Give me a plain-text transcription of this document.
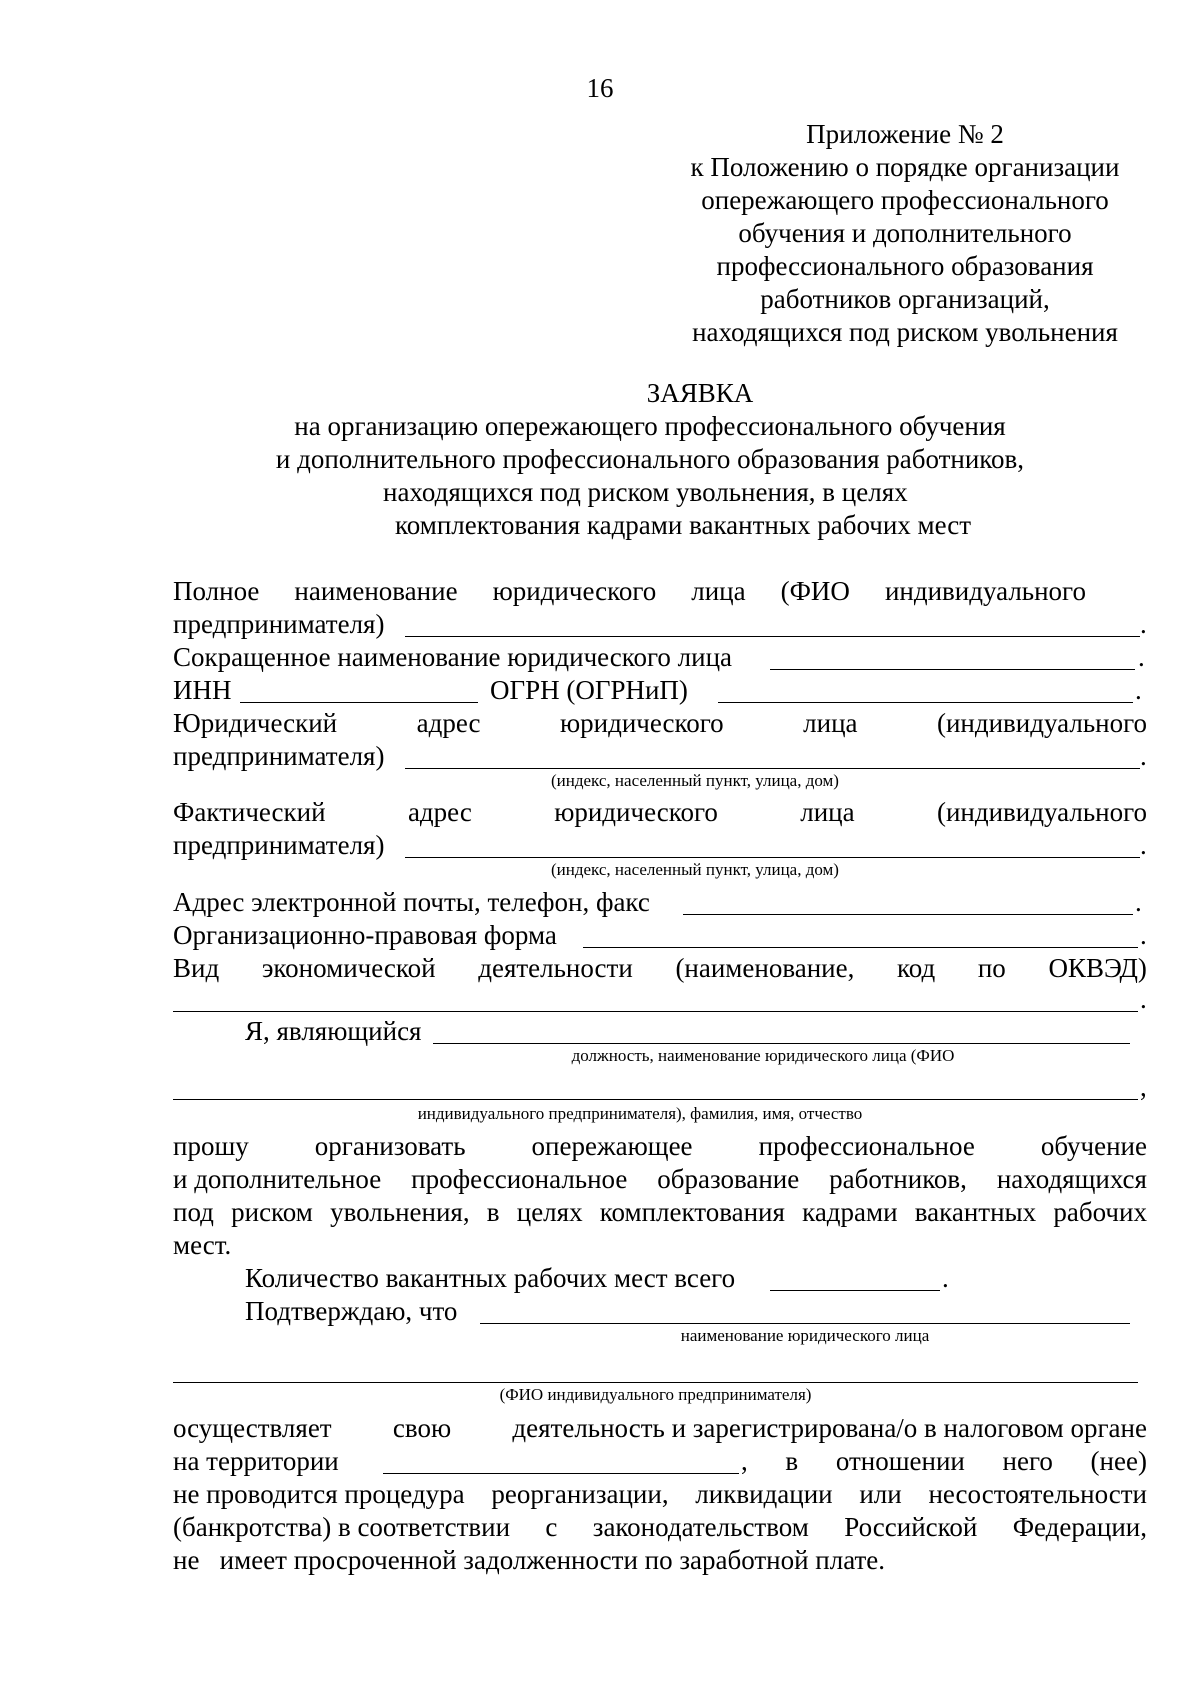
16
Приложение № 2
к Положению о порядке организации
опережающего профессионального
обучения и дополнительного
профессионального образования
работников организаций,
находящихся под риском увольнения
ЗАЯВКА
на организацию опережающего профессионального обучения
и дополнительного профессионального образования работников,
находящихся под риском увольнения, в целях
комплектования кадрами вакантных рабочих мест
Полное наименование юридического лица (ФИО индивидуального
предпринимателя)	.
Сокращенное наименование юридического лица	.
ИНН	ОГРН (ОГРНиП)	.
Юридический	адрес	юридического	лица	(индивидуального
предпринимателя)	.
(индекс, населенный пункт, улица, дом)
Фактический	адрес	юридического	лица	(индивидуального
предпринимателя)	.
(индекс, населенный пункт, улица, дом)
Адрес электронной почты, телефон, факс	.
Организационно-правовая форма	.
Вид экономической деятельности (наименование, код по ОКВЭД)
.
Я, являющийся
должность, наименование юридического лица (ФИО
,
индивидуального предпринимателя), фамилия, имя, отчество
прошу организовать опережающее профессиональное обучение
и дополнительное профессиональное образование работников, находящихся
под риском увольнения, в целях комплектования кадрами вакантных рабочих
мест.
Количество вакантных рабочих мест всего	.
Подтверждаю, что
наименование юридического лица
(ФИО индивидуального предпринимателя)
осуществляет свою деятельность и зарегистрирована/о в налоговом органе
на территории	, в отношении него (нее)
не проводится процедура реорганизации, ликвидации или несостоятельности
(банкротства) в соответствии с законодательством Российской Федерации,
не   имеет просроченной задолженности по заработной плате.
